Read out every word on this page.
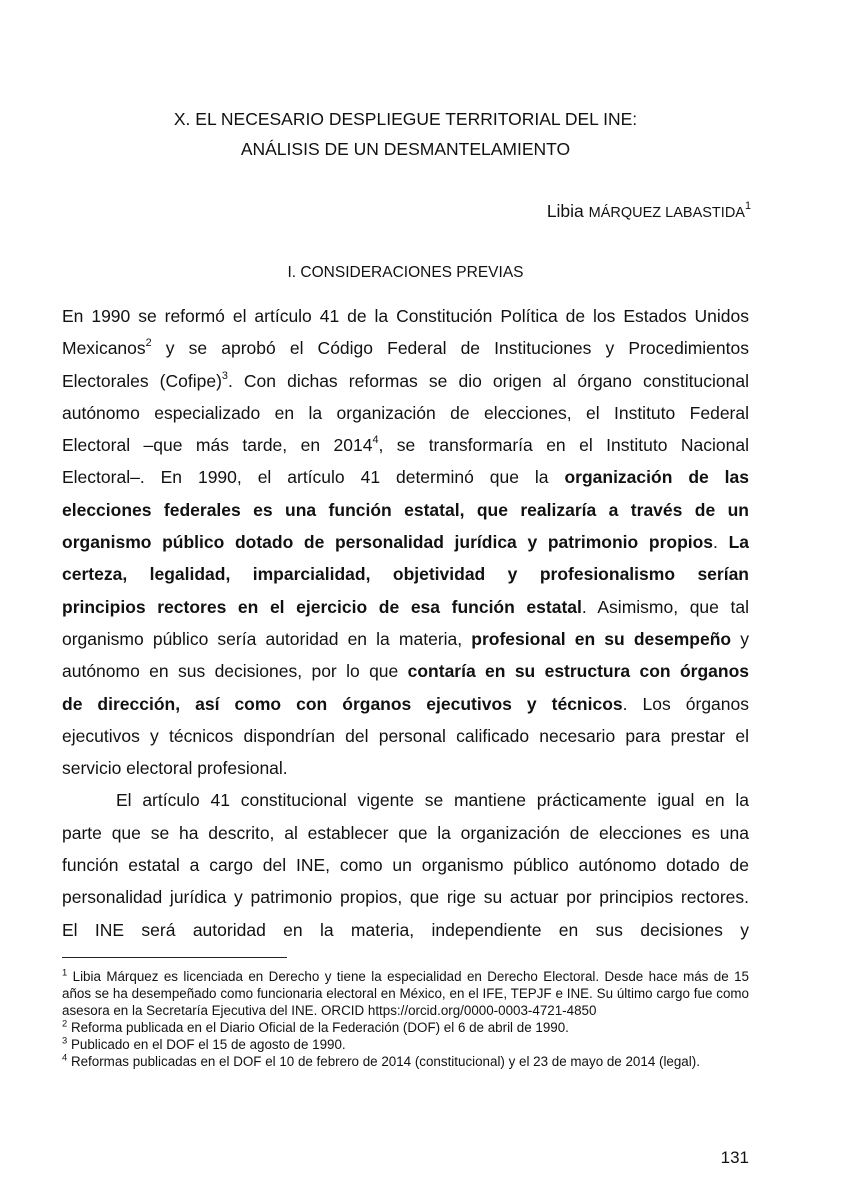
X. EL NECESARIO DESPLIEGUE TERRITORIAL DEL INE:
ANÁLISIS DE UN DESMANTELAMIENTO
Libia MÁRQUEZ LABASTIDA$^1$
I. CONSIDERACIONES PREVIAS

En 1990 se reformó el artículo 41 de la Constitución Política de los Estados Unidos
Mexicanos$^2$ y se aprobó el Código Federal de Instituciones y Procedimientos
Electorales (Cofipe)$^3$. Con dichas reformas se dio origen al órgano constitucional
autónomo especializado en la organización de elecciones, el Instituto Federal
Electoral –que más tarde, en 2014$^4$, se transformaría en el Instituto Nacional
Electoral–. En 1990, el artículo 41 determinó que la organización de las
elecciones federales es una función estatal, que realizaría a través de un
organismo público dotado de personalidad jurídica y patrimonio propios. La
certeza, legalidad, imparcialidad, objetividad y profesionalismo serían
principios rectores en el ejercicio de esa función estatal. Asimismo, que tal
organismo público sería autoridad en la materia, profesional en su desempeño y
autónomo en sus decisiones, por lo que contaría en su estructura con órganos
de dirección, así como con órganos ejecutivos y técnicos. Los órganos
ejecutivos y técnicos dispondrían del personal calificado necesario para prestar el
servicio electoral profesional.

El artículo 41 constitucional vigente se mantiene prácticamente igual en la
parte que se ha descrito, al establecer que la organización de elecciones es una
función estatal a cargo del INE, como un organismo público autónomo dotado de
personalidad jurídica y patrimonio propios, que rige su actuar por principios rectores.
El INE será autoridad en la materia, independiente en sus decisiones y

$^1$ Libia Márquez es licenciada en Derecho y tiene la especialidad en Derecho Electoral. Desde hace más de 15 años se ha desempeñado como funcionaria electoral en México, en el IFE, TEPJF e INE. Su último cargo fue como asesora en la Secretaría Ejecutiva del INE. ORCID https://orcid.org/0000-0003-4721-4850

$^2$ Reforma publicada en el Diario Oficial de la Federación (DOF) el 6 de abril de 1990.

$^3$ Publicado en el DOF el 15 de agosto de 1990.

$^4$ Reformas publicadas en el DOF el 10 de febrero de 2014 (constitucional) y el 23 de mayo de 2014 (legal).

131
